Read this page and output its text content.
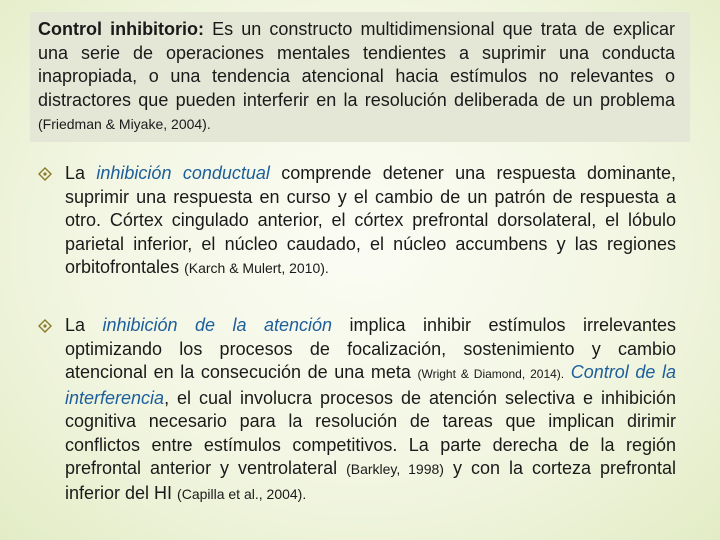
Control inhibitorio: Es un constructo multidimensional que trata de explicar una serie de operaciones mentales tendientes a suprimir una conducta inapropiada, o una tendencia atencional hacia estímulos no relevantes o distractores que pueden interferir en la resolución deliberada de un problema (Friedman & Miyake, 2004).

La inhibición conductual comprende detener una respuesta dominante, suprimir una respuesta en curso y el cambio de un patrón de respuesta a otro. Córtex cingulado anterior, el córtex prefrontal dorsolateral, el lóbulo parietal inferior, el núcleo caudado, el núcleo accumbens y las regiones orbitofrontales (Karch & Mulert, 2010).

La inhibición de la atención implica inhibir estímulos irrelevantes optimizando los procesos de focalización, sostenimiento y cambio atencional en la consecución de una meta (Wright & Diamond, 2014). Control de la interferencia, el cual involucra procesos de atención selectiva e inhibición cognitiva necesario para la resolución de tareas que implican dirimir conflictos entre estímulos competitivos. La parte derecha de la región prefrontal anterior y ventrolateral (Barkley, 1998) y con la corteza prefrontal inferior del HI (Capilla et al., 2004).
